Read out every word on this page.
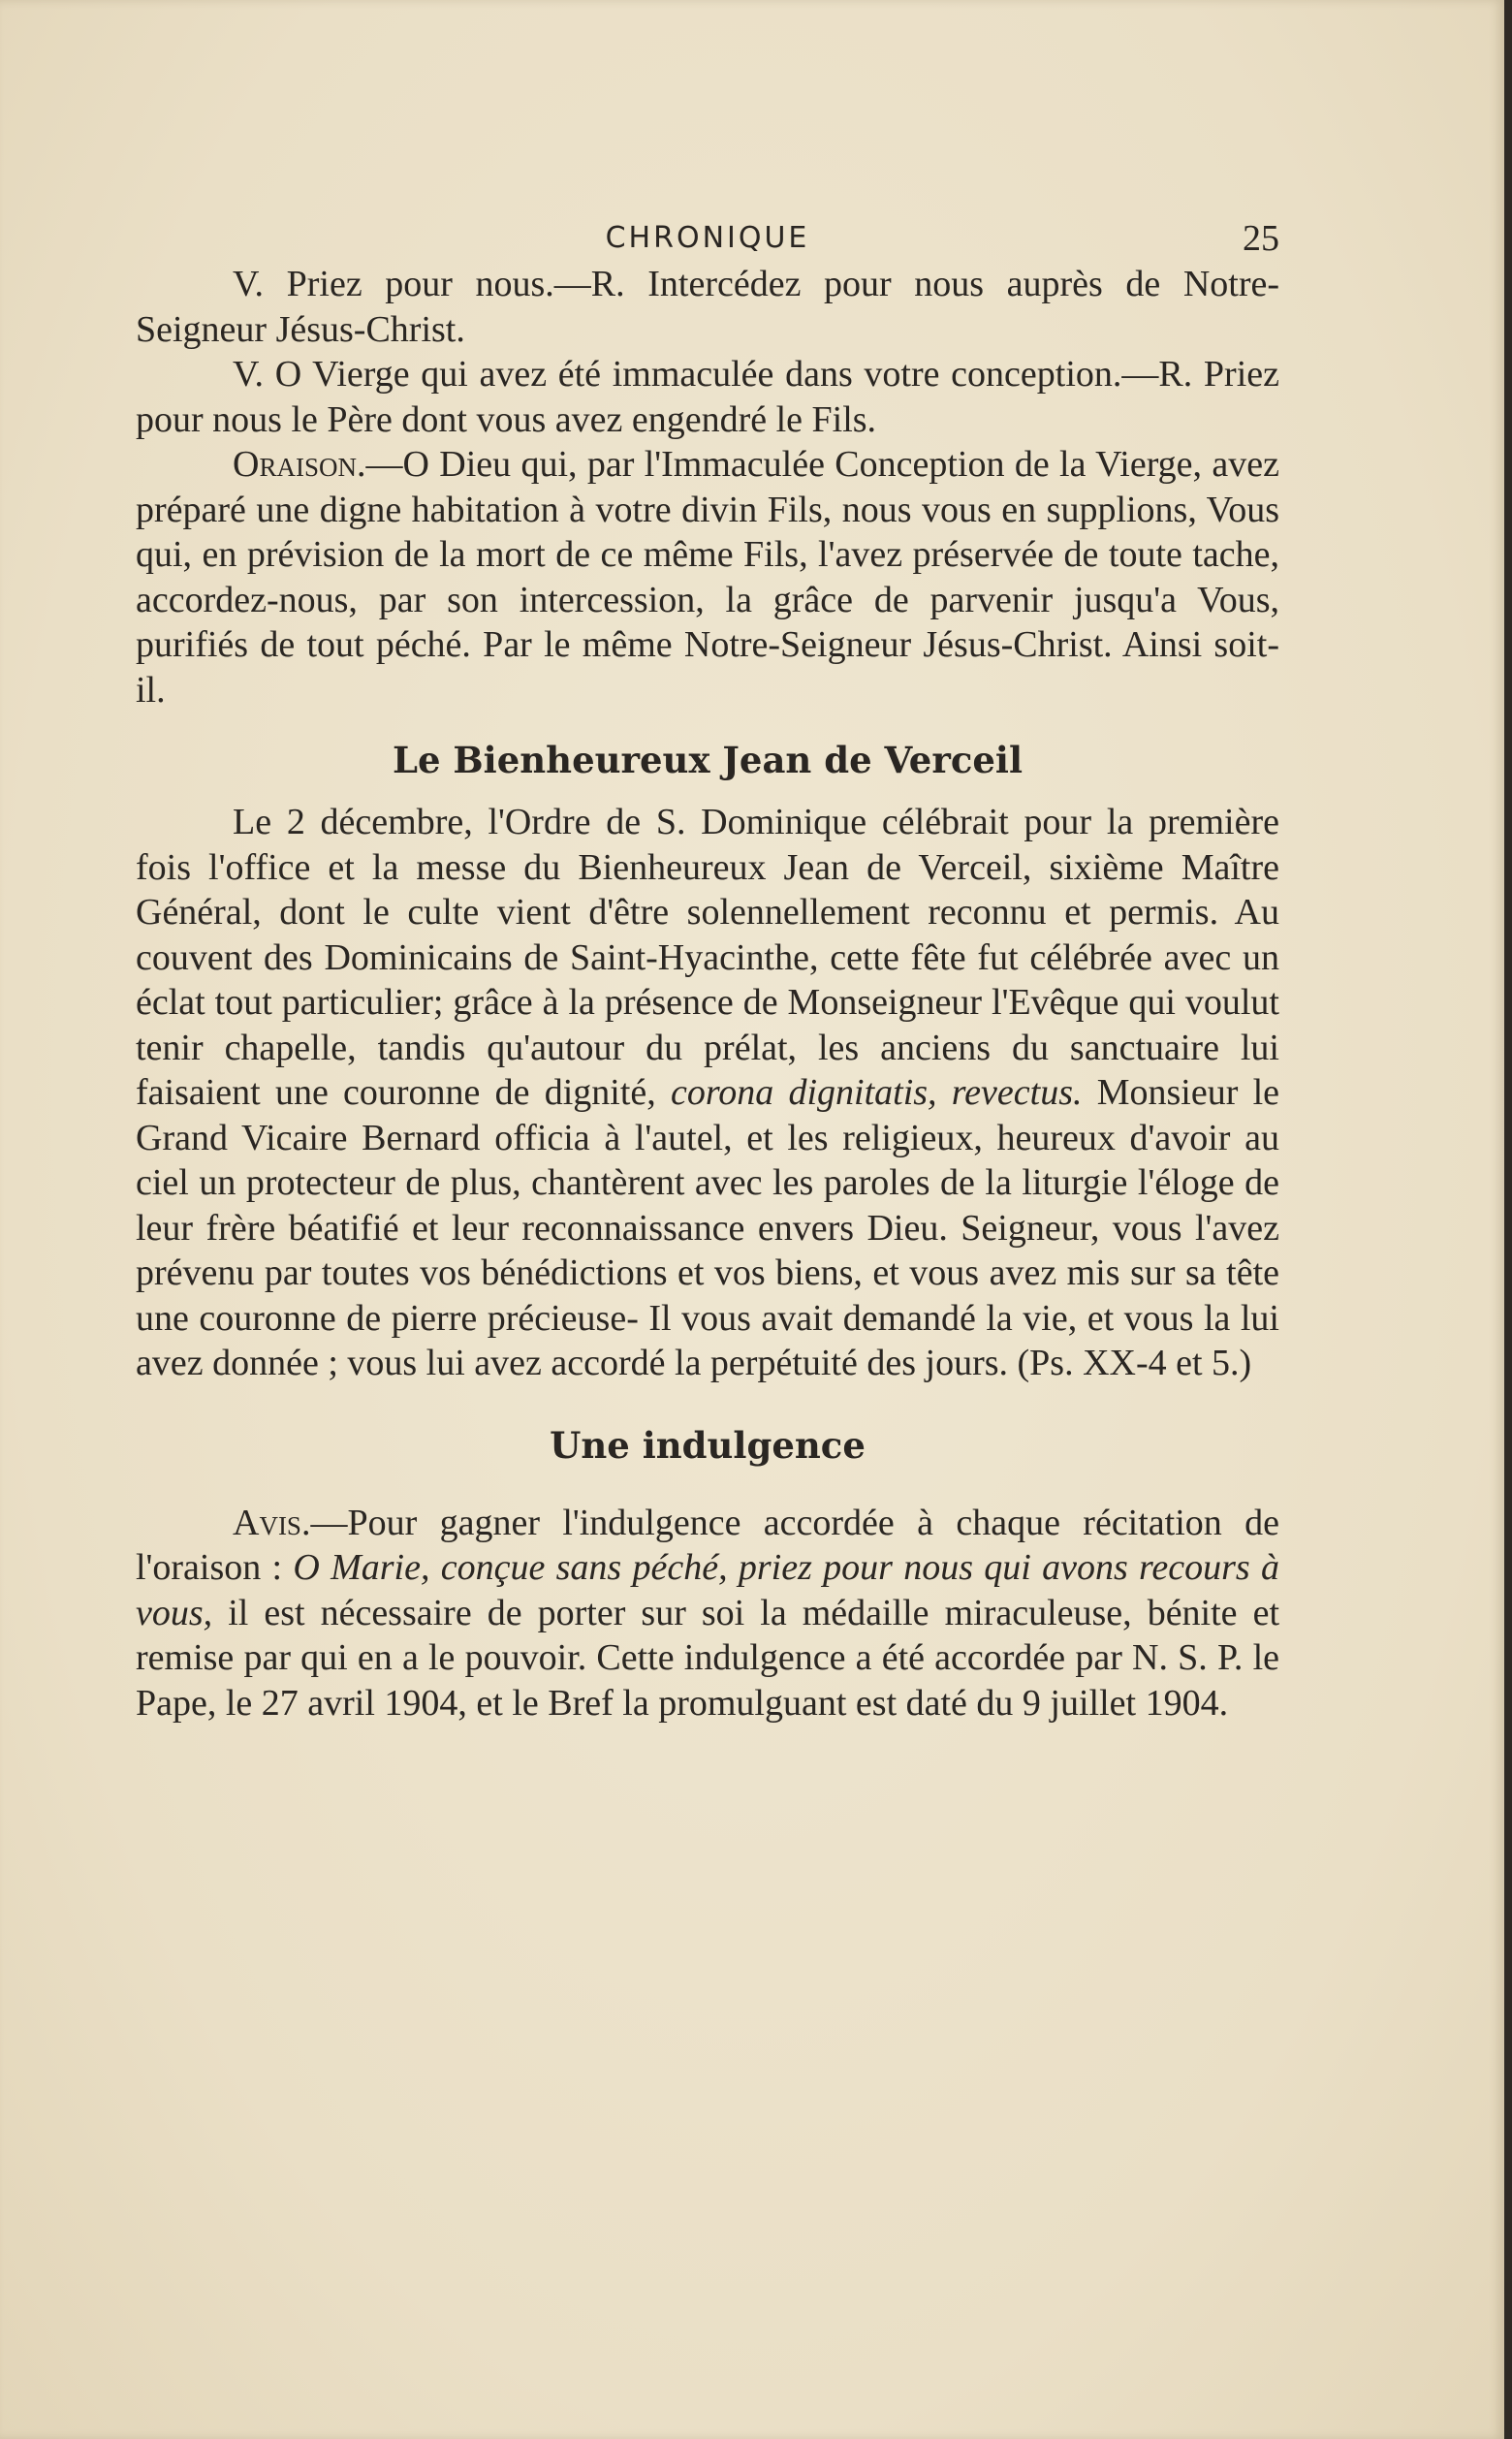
CHRONIQUE	25

V. Priez pour nous.—R. Intercédez pour nous auprès de Notre-Seigneur Jésus-Christ.

V. O Vierge qui avez été immaculée dans votre conception.—R. Priez pour nous le Père dont vous avez engendré le Fils.

Oraison.—O Dieu qui, par l'Immaculée Conception de la Vierge, avez préparé une digne habitation à votre divin Fils, nous vous en supplions, Vous qui, en prévision de la mort de ce même Fils, l'avez préservée de toute tache, accordez-nous, par son intercession, la grâce de parvenir jusqu'a Vous, purifiés de tout péché. Par le même Notre-Seigneur Jésus-Christ. Ainsi soit-il.

Le Bienheureux Jean de Verceil

Le 2 décembre, l'Ordre de S. Dominique célébrait pour la première fois l'office et la messe du Bienheureux Jean de Verceil, sixième Maître Général, dont le culte vient d'être solennellement reconnu et permis. Au couvent des Dominicains de Saint-Hyacinthe, cette fête fut célébrée avec un éclat tout particulier; grâce à la présence de Monseigneur l'Evêque qui voulut tenir chapelle, tandis qu'autour du prélat, les anciens du sanctuaire lui faisaient une couronne de dignité, corona dignitatis, revectus. Monsieur le Grand Vicaire Bernard officia à l'autel, et les religieux, heureux d'avoir au ciel un protecteur de plus, chantèrent avec les paroles de la liturgie l'éloge de leur frère béatifié et leur reconnaissance envers Dieu. Seigneur, vous l'avez prévenu par toutes vos bénédictions et vos biens, et vous avez mis sur sa tête une couronne de pierre précieuse- Il vous avait demandé la vie, et vous la lui avez donnée ; vous lui avez accordé la perpétuité des jours. (Ps. XX-4 et 5.)

Une indulgence

Avis.—Pour gagner l'indulgence accordée à chaque récitation de l'oraison : O Marie, conçue sans péché, priez pour nous qui avons recours à vous, il est nécessaire de porter sur soi la médaille miraculeuse, bénite et remise par qui en a le pouvoir. Cette indulgence a été accordée par N. S. P. le Pape, le 27 avril 1904, et le Bref la promulguant est daté du 9 juillet 1904.
